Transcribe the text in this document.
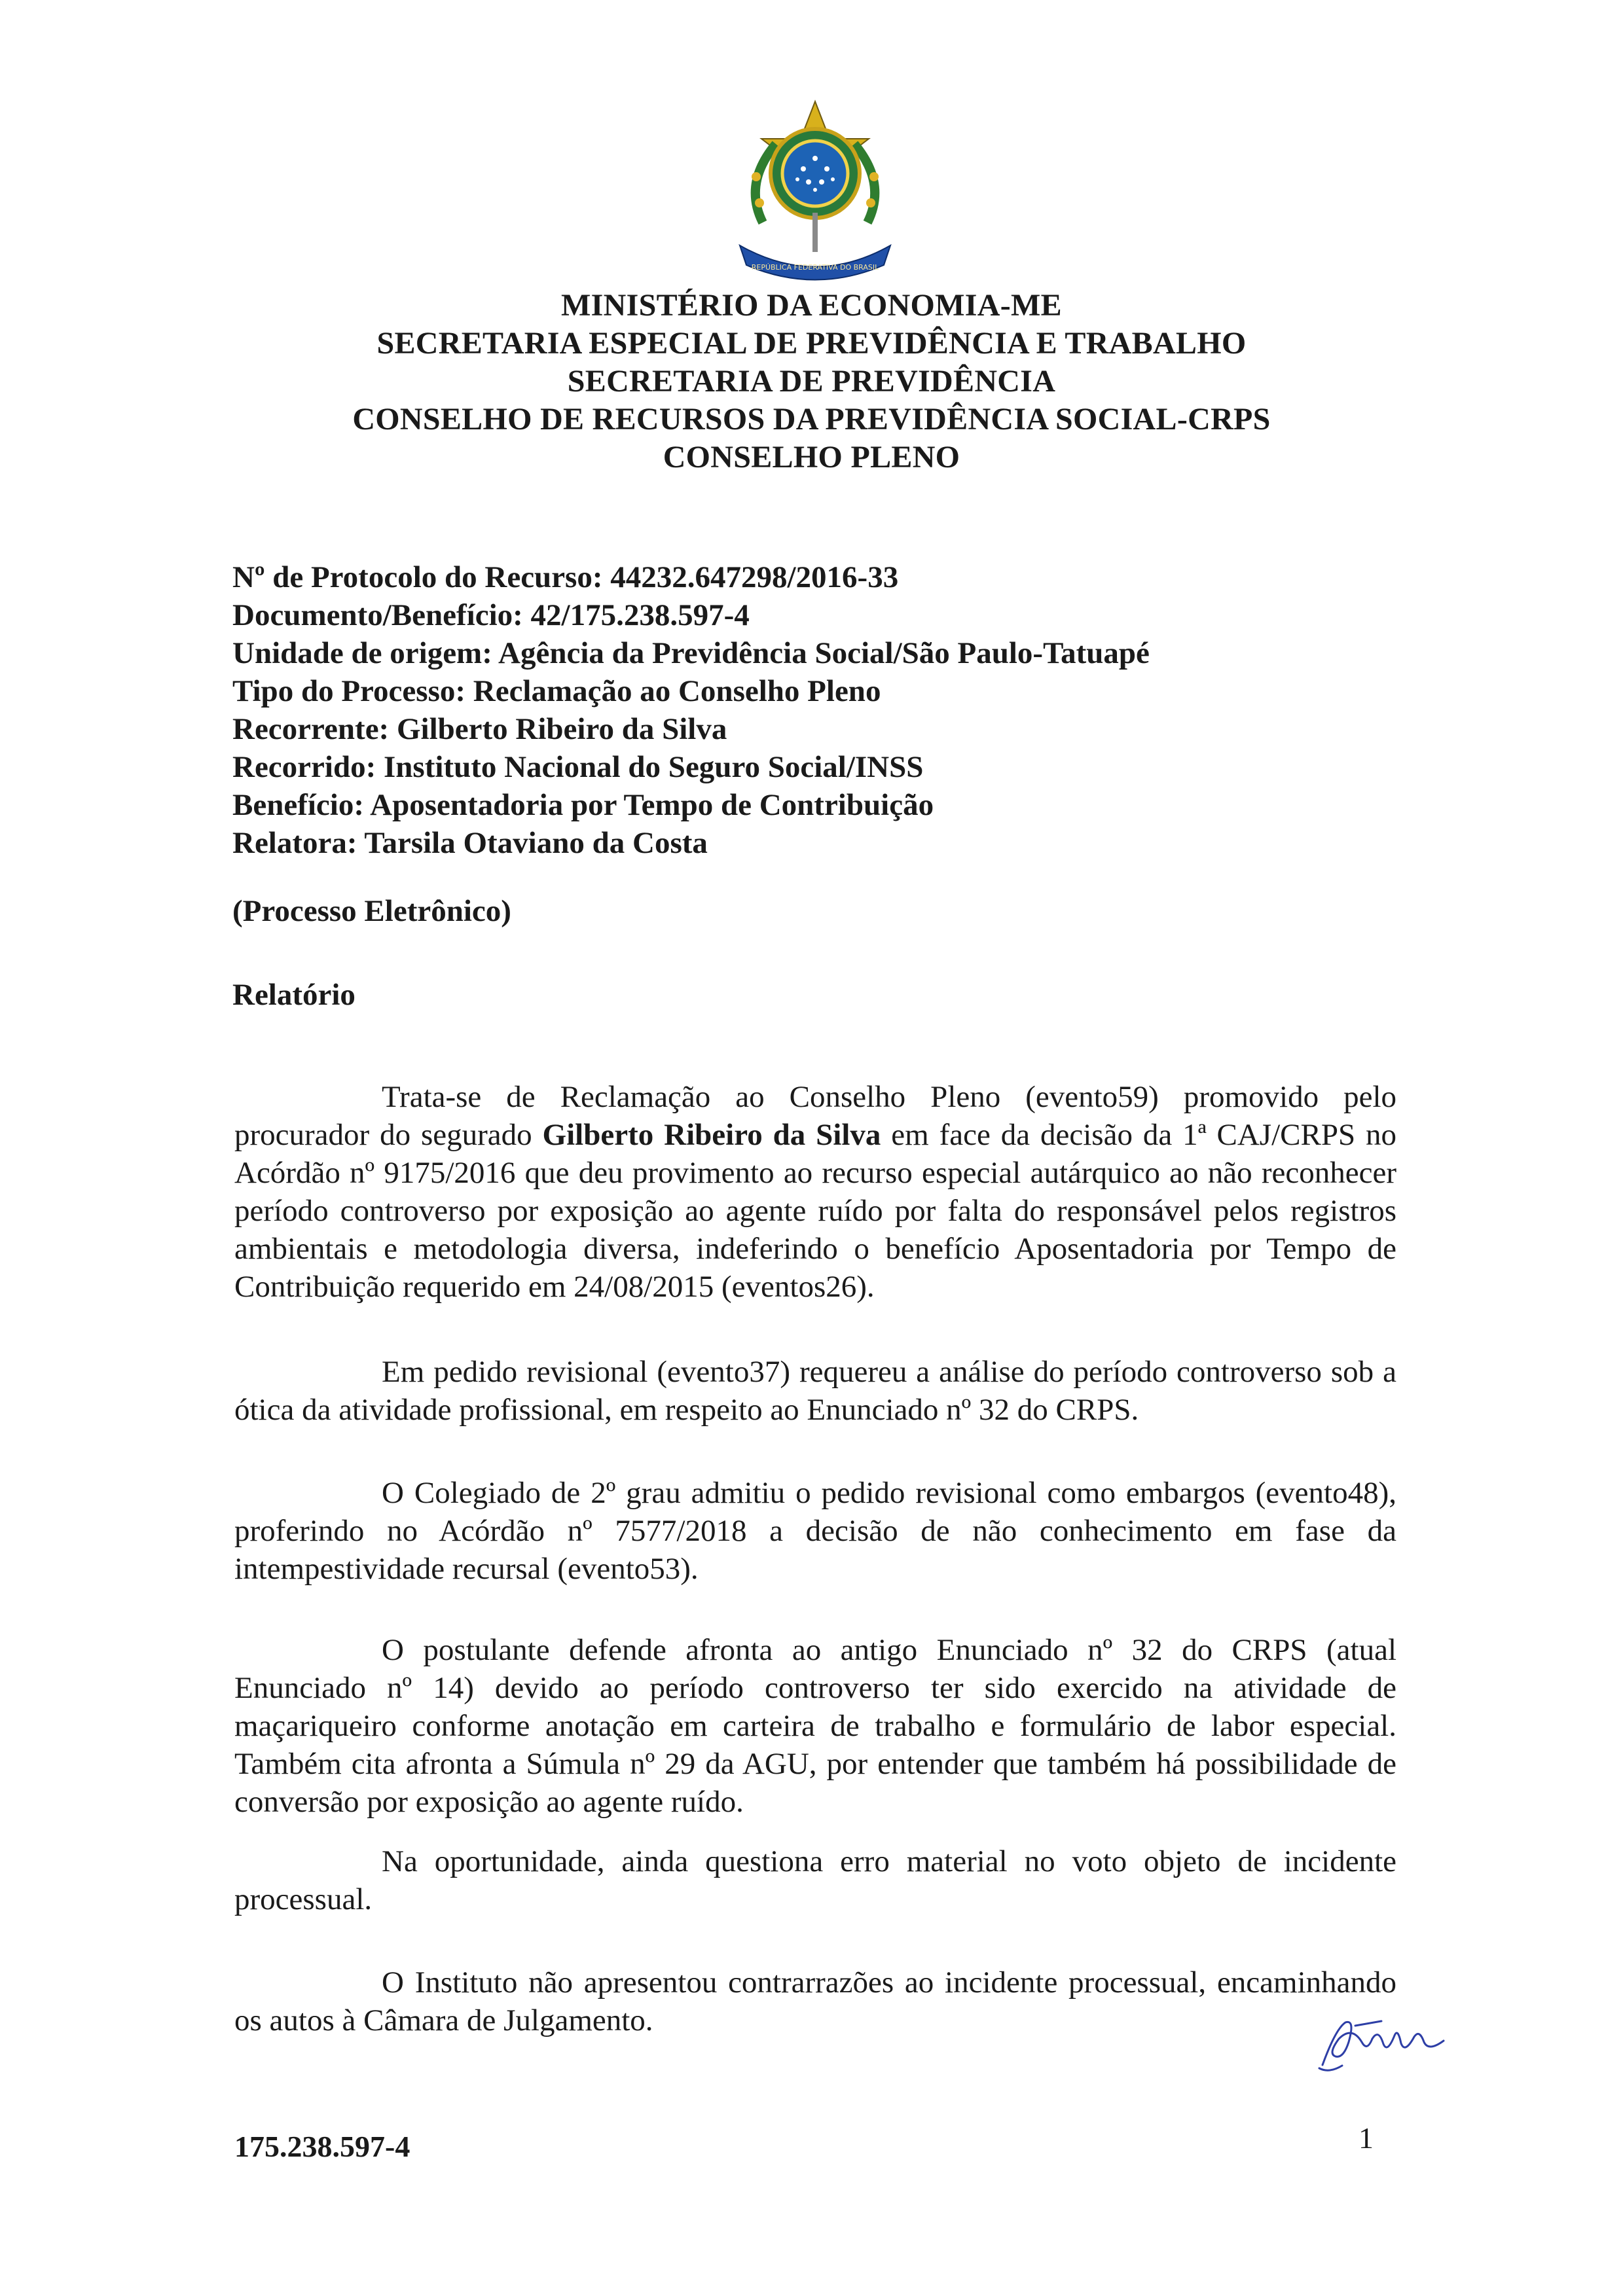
REPÚBLICA FEDERATIVA DO BRASIL
MINISTÉRIO DA ECONOMIA-ME
SECRETARIA ESPECIAL DE PREVIDÊNCIA E TRABALHO
SECRETARIA DE PREVIDÊNCIA
CONSELHO DE RECURSOS DA PREVIDÊNCIA SOCIAL-CRPS
CONSELHO PLENO
Nº de Protocolo do Recurso: 44232.647298/2016-33
Documento/Benefício: 42/175.238.597-4
Unidade de origem: Agência da Previdência Social/São Paulo-Tatuapé
Tipo do Processo: Reclamação ao Conselho Pleno
Recorrente: Gilberto Ribeiro da Silva
Recorrido: Instituto Nacional do Seguro Social/INSS
Benefício: Aposentadoria por Tempo de Contribuição
Relatora: Tarsila Otaviano da Costa
(Processo Eletrônico)
Relatório
Trata-se de Reclamação ao Conselho Pleno (evento59) promovido pelo procurador do segurado Gilberto Ribeiro da Silva em face da decisão da 1ª CAJ/CRPS no Acórdão nº 9175/2016 que deu provimento ao recurso especial autárquico ao não reconhecer período controverso por exposição ao agente ruído por falta do responsável pelos registros ambientais e metodologia diversa, indeferindo o benefício Aposentadoria por Tempo de Contribuição requerido em 24/08/2015 (eventos26).
Em pedido revisional (evento37) requereu a análise do período controverso sob a ótica da atividade profissional, em respeito ao Enunciado nº 32 do CRPS.
O Colegiado de 2º grau admitiu o pedido revisional como embargos (evento48), proferindo no Acórdão nº 7577/2018 a decisão de não conhecimento em fase da intempestividade recursal (evento53).
O postulante defende afronta ao antigo Enunciado nº 32 do CRPS (atual Enunciado nº 14) devido ao período controverso ter sido exercido na atividade de maçariqueiro conforme anotação em carteira de trabalho e formulário de labor especial. Também cita afronta a Súmula nº 29 da AGU, por entender que também há possibilidade de conversão por exposição ao agente ruído.
Na oportunidade, ainda questiona erro material no voto objeto de incidente processual.
O Instituto não apresentou contrarrazões ao incidente processual, encaminhando os autos à Câmara de Julgamento.
175.238.597-4	1
